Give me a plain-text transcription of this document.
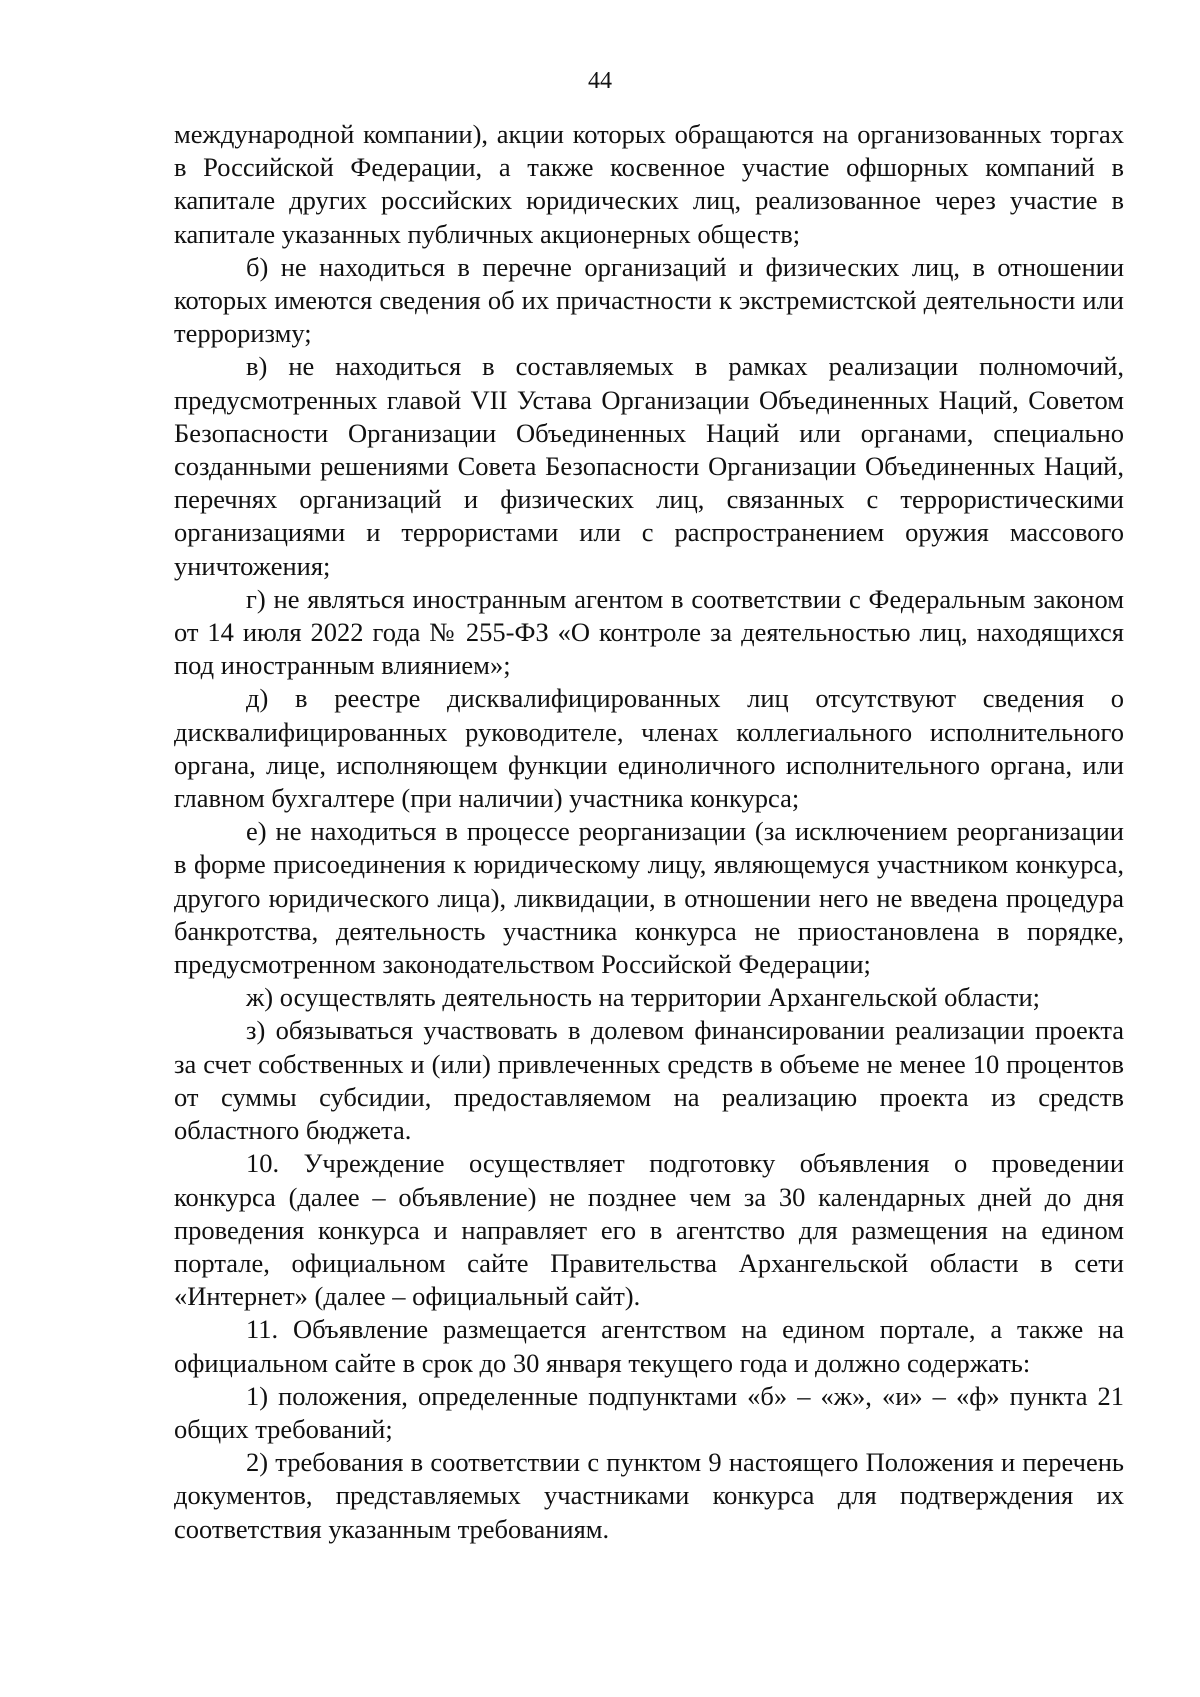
44

международной компании), акции которых обращаются на организованных торгах в Российской Федерации, а также косвенное участие офшорных компаний в капитале других российских юридических лиц, реализованное через участие в капитале указанных публичных акционерных обществ;

б) не находиться в перечне организаций и физических лиц, в отношении которых имеются сведения об их причастности к экстремистской деятельности или терроризму;

в) не находиться в составляемых в рамках реализации полномочий, предусмотренных главой VII Устава Организации Объединенных Наций, Советом Безопасности Организации Объединенных Наций или органами, специально созданными решениями Совета Безопасности Организации Объединенных Наций, перечнях организаций и физических лиц, связанных с террористическими организациями и террористами или с распространением оружия массового уничтожения;

г) не являться иностранным агентом в соответствии с Федеральным законом от 14 июля 2022 года № 255-ФЗ «О контроле за деятельностью лиц, находящихся под иностранным влиянием»;

д) в реестре дисквалифицированных лиц отсутствуют сведения о дисквалифицированных руководителе, членах коллегиального исполнительного органа, лице, исполняющем функции единоличного исполнительного органа, или главном бухгалтере (при наличии) участника конкурса;

е) не находиться в процессе реорганизации (за исключением реорганизации в форме присоединения к юридическому лицу, являющемуся участником конкурса, другого юридического лица), ликвидации, в отношении него не введена процедура банкротства, деятельность участника конкурса не приостановлена в порядке, предусмотренном законодательством Российской Федерации;

ж) осуществлять деятельность на территории Архангельской области;

з) обязываться участвовать в долевом финансировании реализации проекта за счет собственных и (или) привлеченных средств в объеме не менее 10 процентов от суммы субсидии, предоставляемом на реализацию проекта из средств областного бюджета.

10. Учреждение осуществляет подготовку объявления о проведении конкурса (далее – объявление) не позднее чем за 30 календарных дней до дня проведения конкурса и направляет его в агентство для размещения на едином портале, официальном сайте Правительства Архангельской области в сети «Интернет» (далее – официальный сайт).

11. Объявление размещается агентством на едином портале, а также на официальном сайте в срок до 30 января текущего года и должно содержать:

1) положения, определенные подпунктами «б» – «ж», «и» – «ф» пункта 21 общих требований;

2) требования в соответствии с пунктом 9 настоящего Положения и перечень документов, представляемых участниками конкурса для подтверждения их соответствия указанным требованиям.
